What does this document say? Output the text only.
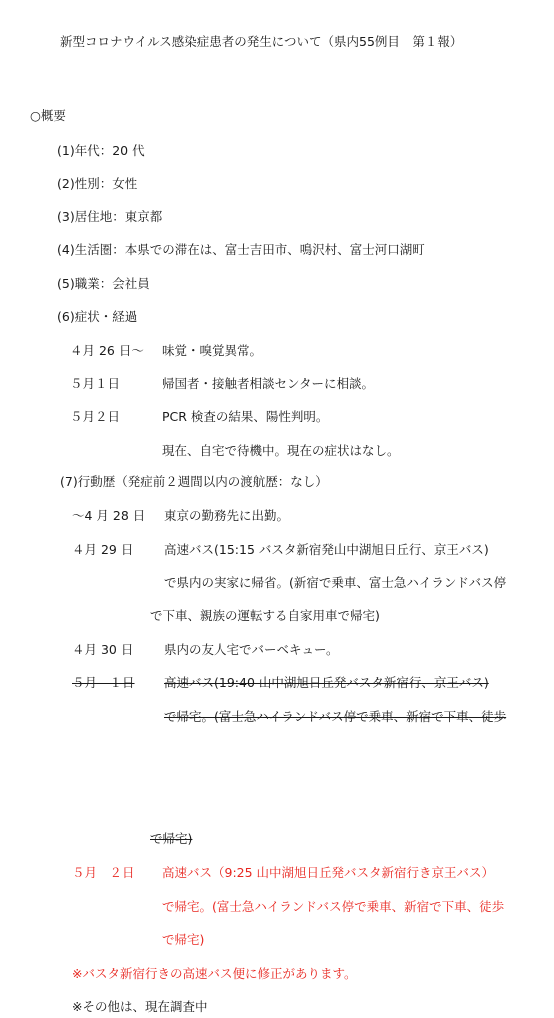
新型コロナウイルス感染症患者の発生について（県内55例目　第１報）
○概要
(1)年代：20 代
(2)性別：女性
(3)居住地：東京都
(4)生活圏：本県での滞在は、富士吉田市、鳴沢村、富士河口湖町
(5)職業：会社員
(6)症状・経過
４月 26 日～ 味覚・嗅覚異常。
５月１日	帰国者・接触者相談センターに相談。
５月２日	PCR 検査の結果、陽性判明。
現在、自宅で待機中。現在の症状はなし。
(7)行動歴（発症前２週間以内の渡航歴：なし）
～4 月 28 日 東京の勤務先に出勤。
４月 29 日 高速バス(15:15 バスタ新宿発山中湖旭日丘行、京王バス)
で県内の実家に帰省。(新宿で乗車、富士急ハイランドバス停
で下車、親族の運転する自家用車で帰宅)
４月 30 日 県内の友人宅でバーベキュー。
５月　１日 高速バス(19:40 山中湖旭日丘発バスタ新宿行、京王バス)
で帰宅。(富士急ハイランドバス停で乗車、新宿で下車、徒歩
で帰宅)
５月　２日 高速バス（9:25 山中湖旭日丘発バスタ新宿行き京王バス）
で帰宅。(富士急ハイランドバス停で乗車、新宿で下車、徒歩
で帰宅)
※バスタ新宿行きの高速バス便に修正があります。
※その他は、現在調査中
